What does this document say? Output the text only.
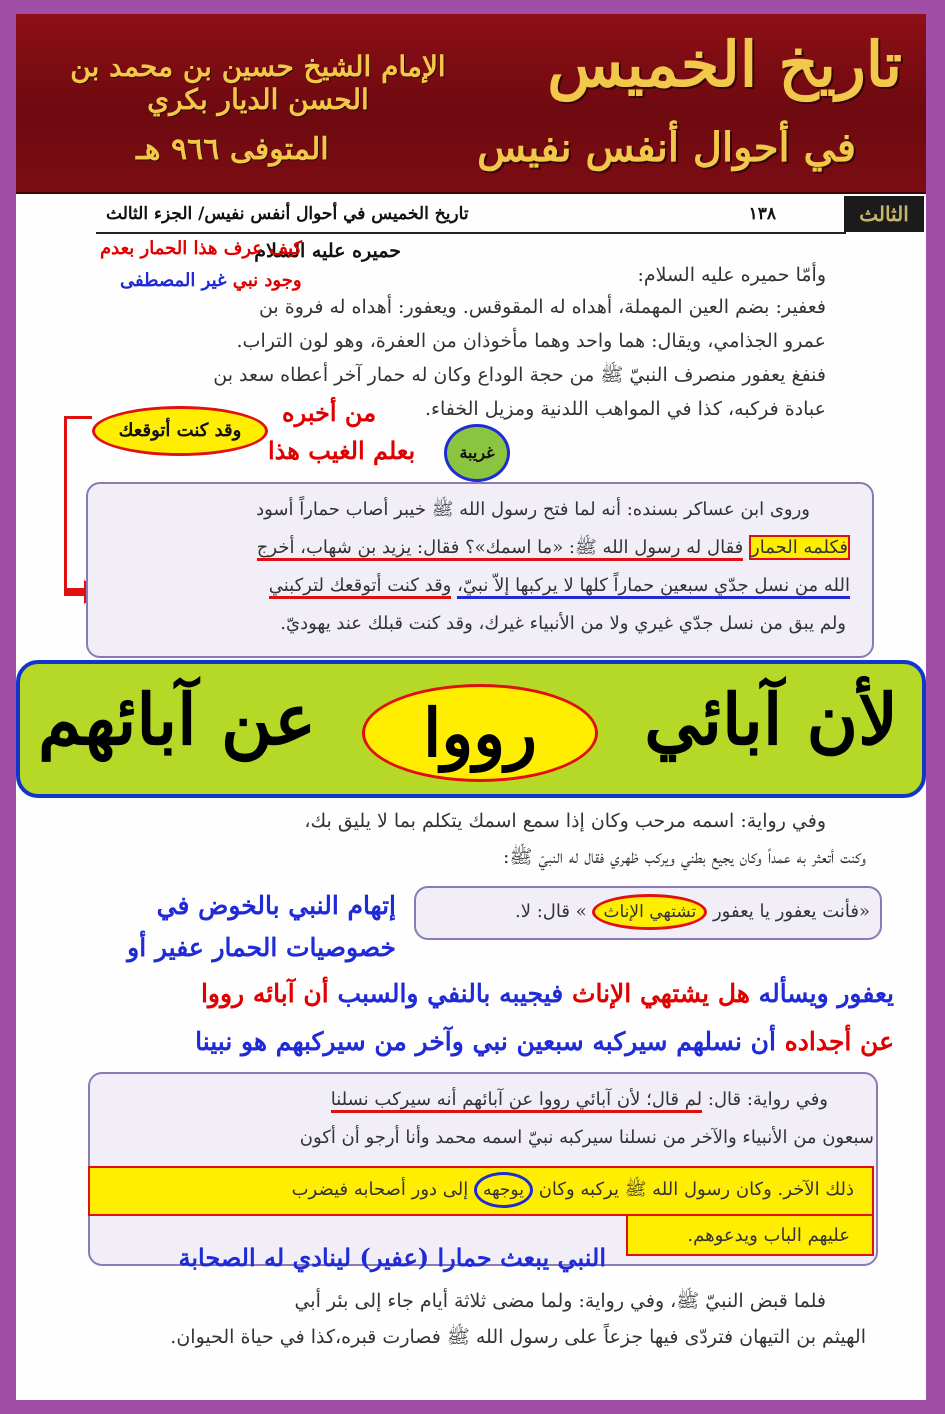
تاريخ الخميس
في أحوال أنفس نفيس
الإمام الشيخ حسين بن محمد بن الحسن الديار بكري
المتوفى ٩٦٦ هـ
١٣٨
تاريخ الخميس في أحوال أنفس نفيس/ الجزء الثالث	الثالث
حميره عليه السلام
كيف عرف هذا الحمار بعدم
وجود نبي غير المصطفى	وأمّا حميره عليه السلام:
فعفير: بضم العين المهملة، أهداه له المقوقس. ويعفور: أهداه له فروة بن
عمرو الجذامي، ويقال: هما واحد وهما مأخوذان من العفرة، وهو لون التراب.
فنفغ يعفور منصرف النبيّ ﷺ من حجة الوداع وكان له حمار آخر أعطاه سعد بن
عبادة فركبه، كذا في المواهب اللدنية ومزيل الخفاء.
وقد كنت أتوقعك
من أخبره
غريبة
بعلم الغيب هذا
وروى ابن عساكر بسنده: أنه لما فتح رسول الله ﷺ خيبر أصاب حماراً أسود
فكلمه الحمار فقال له رسول الله ﷺ: «ما اسمك»؟ فقال: يزيد بن شهاب، أخرج
الله من نسل جدّي سبعين حماراً كلها لا يركبها إلاّ نبيّ، وقد كنت أتوقعك لتركبني
ولم يبق من نسل جدّي غيري ولا من الأنبياء غيرك، وقد كنت قبلك عند يهوديّ.
لأن آبائي
رووا
عن آبائهم
وفي رواية: اسمه مرحب وكان إذا سمع اسمك يتكلم بما لا يليق بك،
وكنت أتعثر به عمداً وكان يجيع بطني ويركب ظهري فقال له النبيّ ﷺ:
«فأنت يعفور يا يعفور تشتهي الإناث » قال: لا.
إتهام النبي بالخوض في
خصوصيات الحمار عفير أو
يعفور ويسأله هل يشتهي الإناث فيجيبه بالنفي والسبب أن آبائه رووا
عن أجداده أن نسلهم سيركبه سبعين نبي وآخر من سيركبهم هو نبينا
وفي رواية: قال: لم قال؛ لأن آبائي رووا عن آبائهم أنه سيركب نسلنا
سبعون من الأنبياء والآخر من نسلنا سيركبه نبيّ اسمه محمد وأنا أرجو أن أكون
ذلك الآخر. وكان رسول الله ﷺ يركبه وكان يوجهه إلى دور أصحابه فيضرب
عليهم الباب ويدعوهم.
النبي يبعث حمارا (عفير) لينادي له الصحابة
فلما قبض النبيّ ﷺ، وفي رواية: ولما مضى ثلاثة أيام جاء إلى بئر أبي
الهيثم بن التيهان فتردّى فيها جزعاً على رسول الله ﷺ فصارت قبره،كذا في حياة الحيوان.
